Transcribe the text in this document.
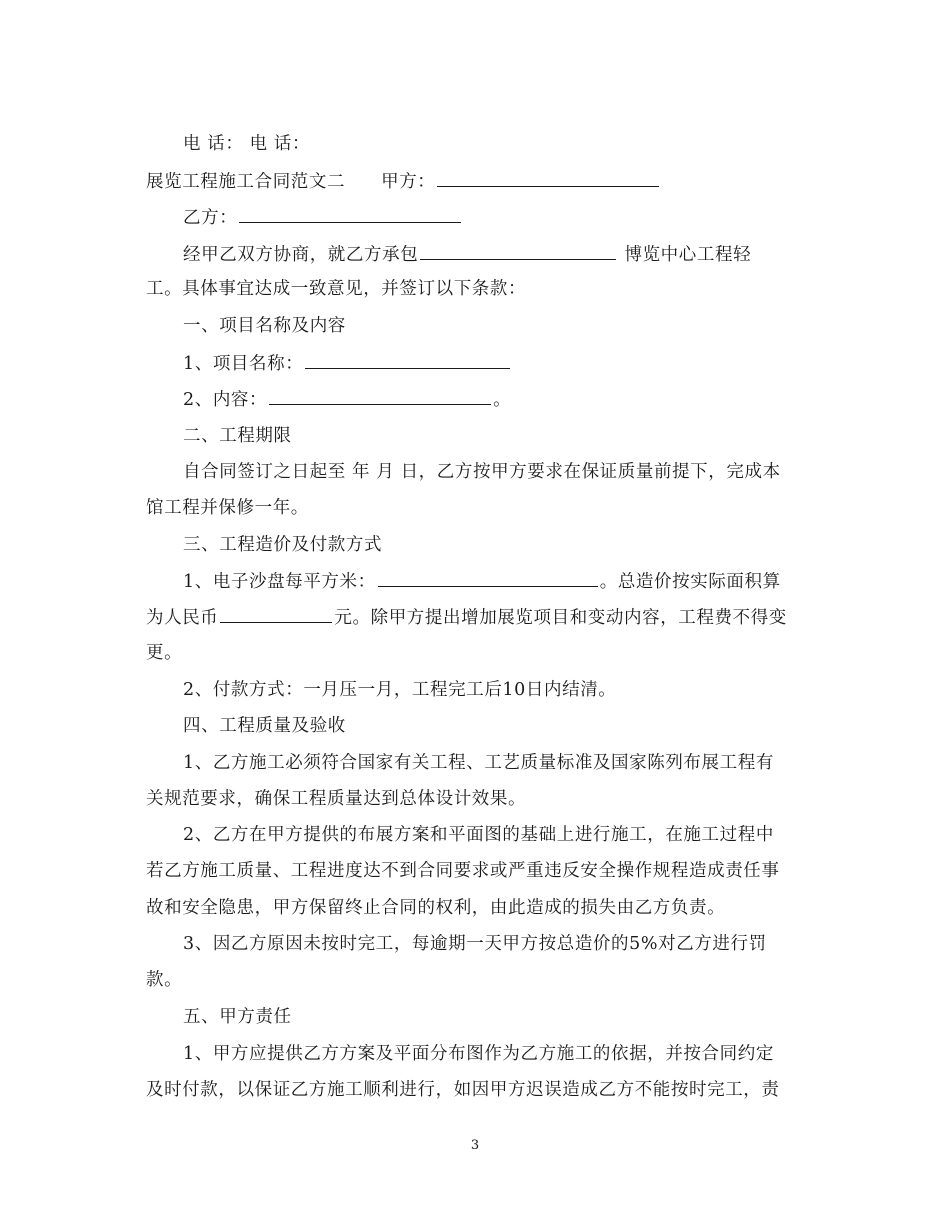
电 话： 电 话：
展览工程施工合同范文二 甲方：
乙方：
经甲乙双方协商，就乙方承包	博览中心工程轻
工。具体事宜达成一致意见，并签订以下条款：
一、项目名称及内容
1、项目名称：
2、内容：	。
二、工程期限
自合同签订之日起至 年 月 日，乙方按甲方要求在保证质量前提下，完成本
馆工程并保修一年。
三、工程造价及付款方式
1、电子沙盘每平方米：	。总造价按实际面积算
为人民币	元。除甲方提出增加展览项目和变动内容，工程费不得变
更。
2、付款方式：一月压一月，工程完工后10日内结清。
四、工程质量及验收
1、乙方施工必须符合国家有关工程、工艺质量标准及国家陈列布展工程有
关规范要求，确保工程质量达到总体设计效果。
2、乙方在甲方提供的布展方案和平面图的基础上进行施工，在施工过程中
若乙方施工质量、工程进度达不到合同要求或严重违反安全操作规程造成责任事
故和安全隐患，甲方保留终止合同的权利，由此造成的损失由乙方负责。
3、因乙方原因未按时完工，每逾期一天甲方按总造价的5%对乙方进行罚
款。
五、甲方责任
1、甲方应提供乙方方案及平面分布图作为乙方施工的依据，并按合同约定
及时付款，以保证乙方施工顺利进行，如因甲方迟误造成乙方不能按时完工，责
3
